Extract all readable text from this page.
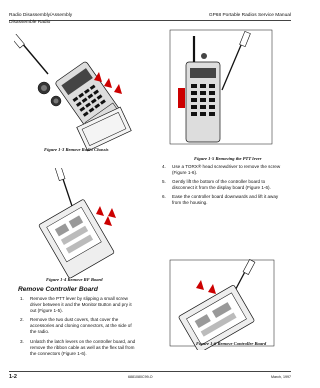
Radio Disassembly/Assembly	GP68 Portable Radios Service Manual
Disassemble Radio
Figure 1-3 Remove Radio Chassis
Figure 1-4 Remove RF Board
Remove Controller Board
1. Remove the PTT lever by slipping a small screw driver between it and the Monitor Button and pry it out (Figure 1-5).
2. Remove the two dust covers, that cover the accessories and cloning connectors, at the side of the radio.
3. Unlatch the latch levers on the controller board, and remove the ribbon cable as well as the flex tail from the connectors (Figure 1-6).
Figure 1-5 Removing the PTT lever
4. Use a TORX® head screwdriver to remove the screw (Figure 1-6).
5. Gently lift the bottom of the controller board to disconnect it from the display board (Figure 1-6).
6. Ease the controller board downwards and lift it away from the housing.
Figure 1-6 Remove Controller Board
1-2	6881080C99-O	March, 1997
